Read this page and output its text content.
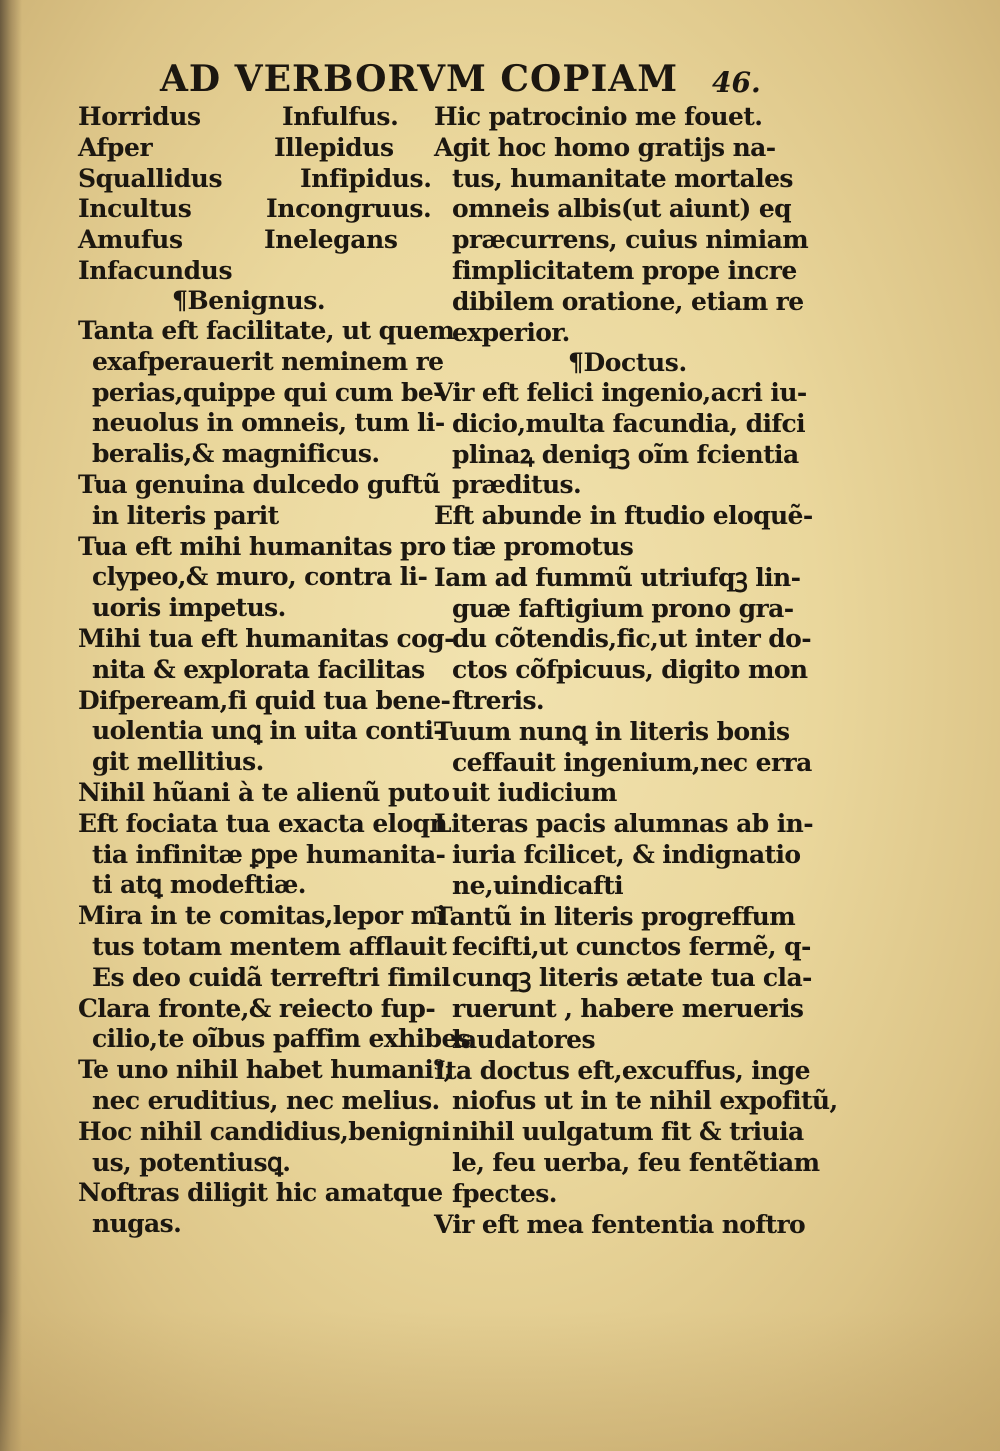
AD VERBORVM COPIAM 46.
¶Benignus.
¶Doctus.
Horridus
Afper
Squallidus
Incultus
Amufus
Infacundus
Infulfus.
Illepidus
Infipidus.
Incongruus.
Inelegans
Tanta eft facilitate, ut quem
exafperauerit neminem re
perias,quippe qui cum be-
neuolus in omneis, tum li-
beralis,& magnificus.
Tua genuina dulcedo guftũ
in literis parit
Tua eft mihi humanitas pro
clypeo,& muro, contra li-
uoris impetus.
Mihi tua eft humanitas cog-
nita & explorata facilitas
Difpeream,fi quid tua bene-
uolentia unꝗ in uita conti-
git mellitius.
Nihil hũani à te alienũ puto
Eft fociata tua exacta eloqn
tia infinitæ ꝑpe humanita-
ti atꝗ modeftiæ.
Mira in te comitas,lepor mi
tus totam mentem afflauit
Es deo cuidã terreftri fimil
Clara fronte,& reiecto fup-
cilio,te oĩbus paffim exhibes
Te uno nihil habet humani⁹,
nec eruditius, nec melius.
Hoc nihil candidius,benigni
us, potentiusꝗ.
Noftras diligit hic amatque
nugas.
Hic patrocinio me fouet.
Agit hoc homo gratijs na-
tus, humanitate mortales
omneis albis(ut aiunt) eq
præcurrens, cuius nimiam
fimplicitatem prope incre
dibilem oratione, etiam re
experior.
Vir eft felici ingenio,acri iu-
dicio,multa facundia, difci
plinaꝝ deniqꝫ oĩm fcientia
præditus.
Eft abunde in ftudio eloquẽ-
tiæ promotus
Iam ad fummũ utriufqꝫ lin-
guæ faftigium prono gra-
du cõtendis,fic,ut inter do-
ctos cõfpicuus, digito mon
ftreris.
Tuum nunꝗ in literis bonis
ceffauit ingenium,nec erra
uit iudicium
Literas pacis alumnas ab in-
iuria fcilicet, & indignatio
ne,uindicafti
Tantũ in literis progreffum
fecifti,ut cunctos fermẽ, q-
cunqꝫ literis ætate tua cla-
ruerunt , habere merueris
laudatores
Ita doctus eft,excuffus, inge
niofus ut in te nihil expofitũ,
nihil uulgatum fit & triuia
le, feu uerba, feu fentẽtiam
fpectes.
Vir eft mea fententia noftro
